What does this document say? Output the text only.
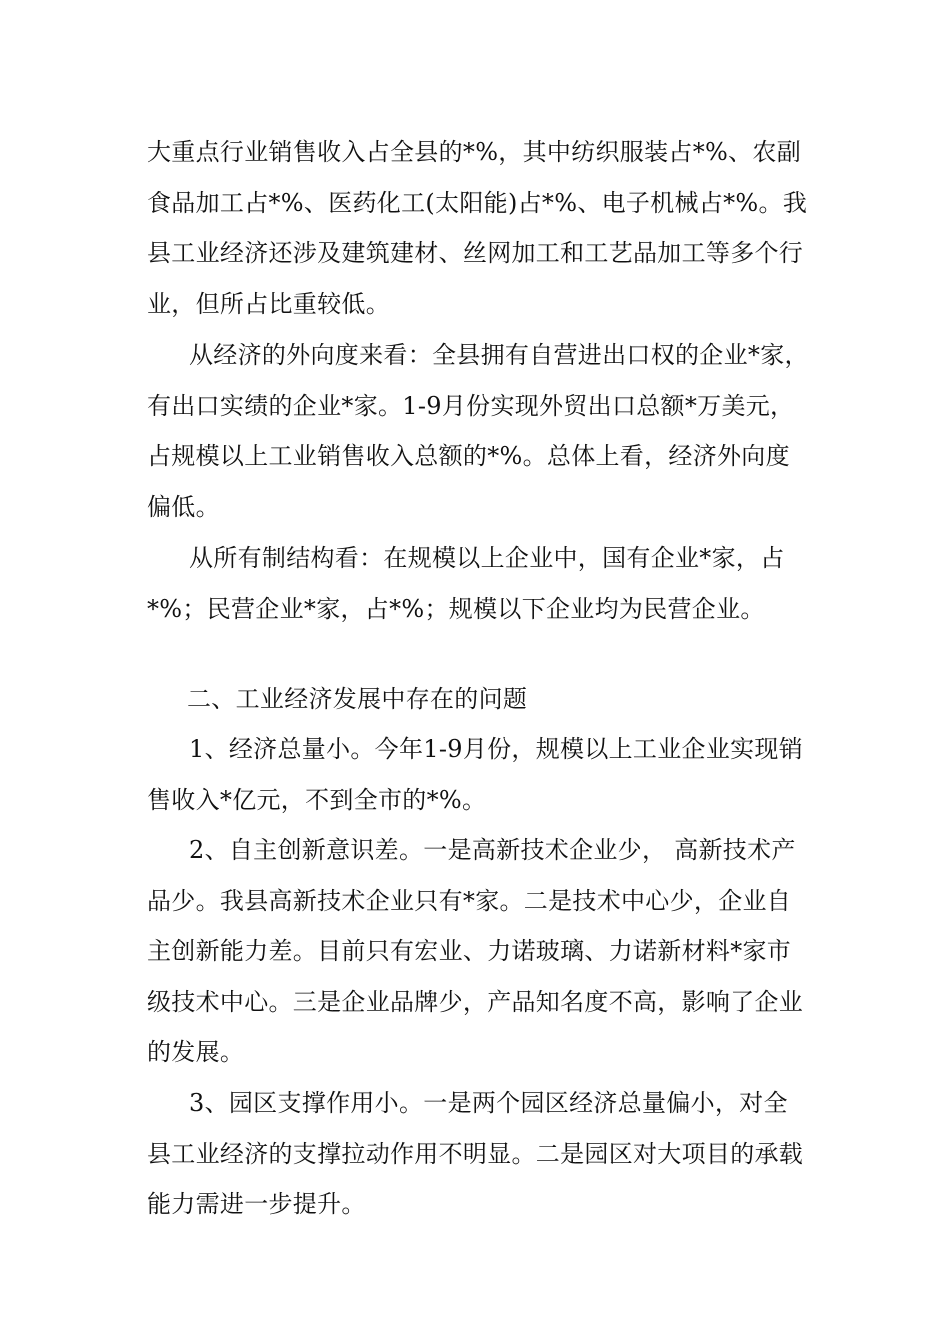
大重点行业销售收入占全县的*%，其中纺织服装占*%、农副食品加工占*%、医药化工(太阳能)占*%、电子机械占*%。我县工业经济还涉及建筑建材、丝网加工和工艺品加工等多个行业，但所占比重较低。

从经济的外向度来看：全县拥有自营进出口权的企业*家，有出口实绩的企业*家。1-9月份实现外贸出口总额*万美元，占规模以上工业销售收入总额的*%。总体上看，经济外向度偏低。

从所有制结构看：在规模以上企业中，国有企业*家，占*%；民营企业*家，占*%；规模以下企业均为民营企业。

二、工业经济发展中存在的问题

1、经济总量小。今年1-9月份，规模以上工业企业实现销售收入*亿元，不到全市的*%。

2、自主创新意识差。一是高新技术企业少， 高新技术产品少。我县高新技术企业只有*家。二是技术中心少，企业自主创新能力差。目前只有宏业、力诺玻璃、力诺新材料*家市级技术中心。三是企业品牌少，产品知名度不高，影响了企业的发展。

3、园区支撑作用小。一是两个园区经济总量偏小，对全县工业经济的支撑拉动作用不明显。二是园区对大项目的承载能力需进一步提升。
